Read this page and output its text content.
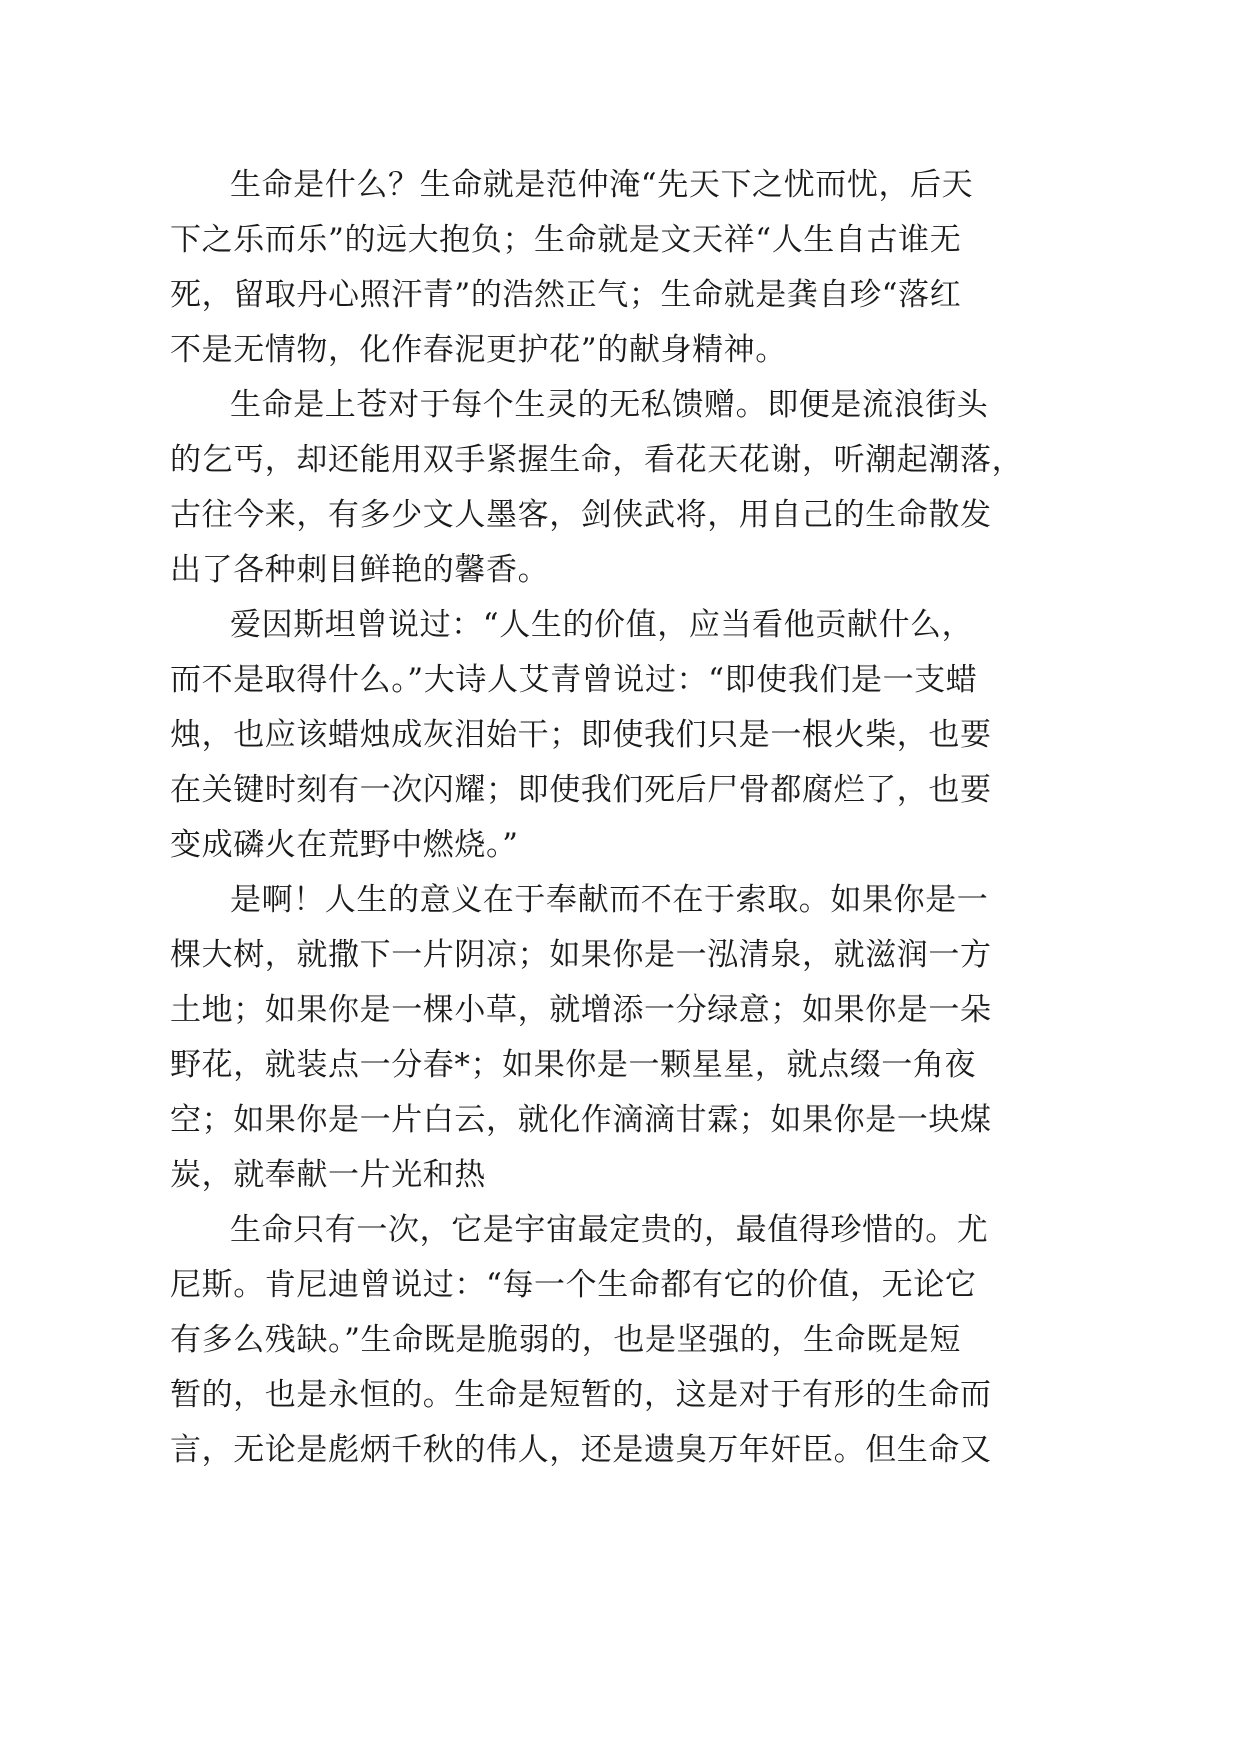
生命是什么？生命就是范仲淹“先天下之忧而忧，后天
下之乐而乐”的远大抱负；生命就是文天祥“人生自古谁无
死，留取丹心照汗青”的浩然正气；生命就是龚自珍“落红
不是无情物，化作春泥更护花”的献身精神。
生命是上苍对于每个生灵的无私馈赠。即便是流浪街头
的乞丐，却还能用双手紧握生命，看花天花谢，听潮起潮落，
古往今来，有多少文人墨客，剑侠武将，用自己的生命散发
出了各种刺目鲜艳的馨香。
爱因斯坦曾说过：“人生的价值，应当看他贡献什么，
而不是取得什么。”大诗人艾青曾说过：“即使我们是一支蜡
烛，也应该蜡烛成灰泪始干；即使我们只是一根火柴，也要
在关键时刻有一次闪耀；即使我们死后尸骨都腐烂了，也要
变成磷火在荒野中燃烧。”
是啊！人生的意义在于奉献而不在于索取。如果你是一
棵大树，就撒下一片阴凉；如果你是一泓清泉，就滋润一方
土地；如果你是一棵小草，就增添一分绿意；如果你是一朵
野花，就装点一分春*；如果你是一颗星星，就点缀一角夜
空；如果你是一片白云，就化作滴滴甘霖；如果你是一块煤
炭，就奉献一片光和热
生命只有一次，它是宇宙最定贵的，最值得珍惜的。尤
尼斯。肯尼迪曾说过：“每一个生命都有它的价值，无论它
有多么残缺。”生命既是脆弱的，也是坚强的，生命既是短
暂的，也是永恒的。生命是短暂的，这是对于有形的生命而
言，无论是彪炳千秋的伟人，还是遗臭万年奸臣。但生命又
